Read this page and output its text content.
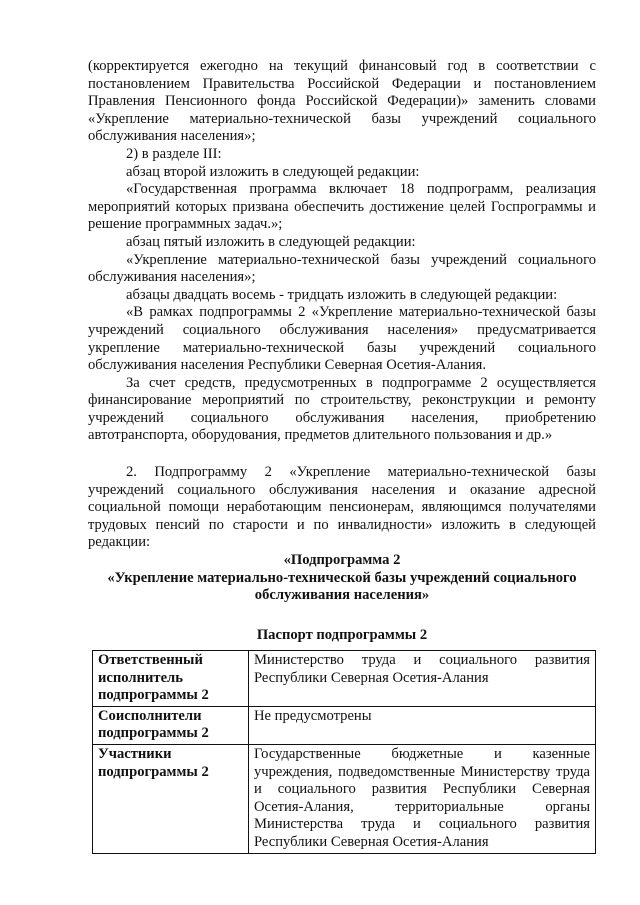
(корректируется ежегодно на текущий финансовый год в соответствии с постановлением Правительства Российской Федерации и постановлением Правления Пенсионного фонда Российской Федерации)» заменить словами «Укрепление материально-технической базы учреждений социального обслуживания населения»;

2) в разделе III:

абзац второй изложить в следующей редакции:

«Государственная программа включает 18 подпрограмм, реализация мероприятий которых призвана обеспечить достижение целей Госпрограммы и решение программных задач.»;

абзац пятый изложить в следующей редакции:

«Укрепление материально-технической базы учреждений социального обслуживания населения»;

абзацы двадцать восемь - тридцать изложить в следующей редакции:

«В рамках подпрограммы 2 «Укрепление материально-технической базы учреждений социального обслуживания населения» предусматривается укрепление материально-технической базы учреждений социального обслуживания населения Республики Северная Осетия-Алания.

За счет средств, предусмотренных в подпрограмме 2 осуществляется финансирование мероприятий по строительству, реконструкции и ремонту учреждений социального обслуживания населения, приобретению автотранспорта, оборудования, предметов длительного пользования и др.»

2. Подпрограмму 2 «Укрепление материально-технической базы учреждений социального обслуживания населения и оказание адресной социальной помощи неработающим пенсионерам, являющимся получателями трудовых пенсий по старости и по инвалидности» изложить в следующей редакции:

«Подпрограмма 2

«Укрепление материально-технической базы учреждений социального обслуживания населения»

Паспорт подпрограммы 2

Ответственный исполнитель подпрограммы 2	Министерство труда и социального развития Республики Северная Осетия-Алания
Соисполнители подпрограммы 2	Не предусмотрены
Участники подпрограммы 2	Государственные бюджетные и казенные учреждения, подведомственные Министерству труда и социального развития Республики Северная Осетия-Алания, территориальные органы Министерства труда и социального развития Республики Северная Осетия-Алания
